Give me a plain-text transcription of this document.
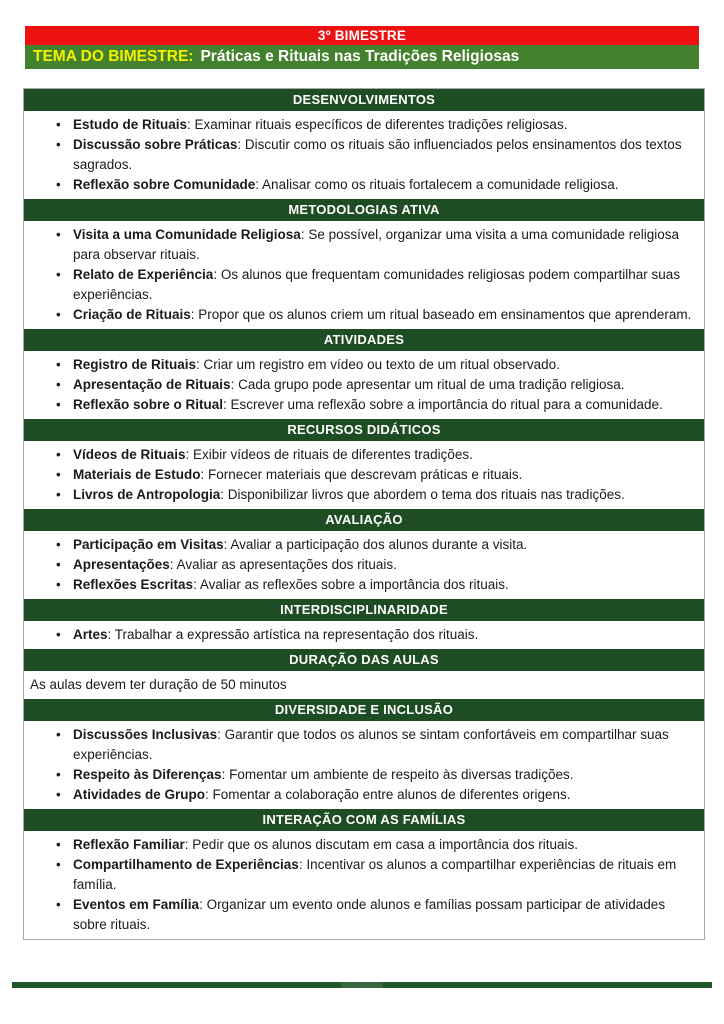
3º BIMESTRE
TEMA DO BIMESTRE: Práticas e Rituais nas Tradições Religiosas
DESENVOLVIMENTOS
• Estudo de Rituais: Examinar rituais específicos de diferentes tradições religiosas.
• Discussão sobre Práticas: Discutir como os rituais são influenciados pelos ensinamentos dos textos sagrados.
• Reflexão sobre Comunidade: Analisar como os rituais fortalecem a comunidade religiosa.
METODOLOGIAS ATIVA
• Visita a uma Comunidade Religiosa: Se possível, organizar uma visita a uma comunidade religiosa para observar rituais.
• Relato de Experiência: Os alunos que frequentam comunidades religiosas podem compartilhar suas experiências.
• Criação de Rituais: Propor que os alunos criem um ritual baseado em ensinamentos que aprenderam.
ATIVIDADES
• Registro de Rituais: Criar um registro em vídeo ou texto de um ritual observado.
• Apresentação de Rituais: Cada grupo pode apresentar um ritual de uma tradição religiosa.
• Reflexão sobre o Ritual: Escrever uma reflexão sobre a importância do ritual para a comunidade.
RECURSOS DIDÁTICOS
• Vídeos de Rituais: Exibir vídeos de rituais de diferentes tradições.
• Materiais de Estudo: Fornecer materiais que descrevam práticas e rituais.
• Livros de Antropologia: Disponibilizar livros que abordem o tema dos rituais nas tradições.
AVALIAÇÃO
• Participação em Visitas: Avaliar a participação dos alunos durante a visita.
• Apresentações: Avaliar as apresentações dos rituais.
• Reflexões Escritas: Avaliar as reflexões sobre a importância dos rituais.
INTERDISCIPLINARIDADE
• Artes: Trabalhar a expressão artística na representação dos rituais.
DURAÇÃO DAS AULAS

As aulas devem ter duração de 50 minutos

DIVERSIDADE E INCLUSÃO
• Discussões Inclusivas: Garantir que todos os alunos se sintam confortáveis em compartilhar suas experiências.
• Respeito às Diferenças: Fomentar um ambiente de respeito às diversas tradições.
• Atividades de Grupo: Fomentar a colaboração entre alunos de diferentes origens.
INTERAÇÃO COM AS FAMÍLIAS
• Reflexão Familiar: Pedir que os alunos discutam em casa a importância dos rituais.
• Compartilhamento de Experiências: Incentivar os alunos a compartilhar experiências de rituais em família.
• Eventos em Família: Organizar um evento onde alunos e famílias possam participar de atividades sobre rituais.
